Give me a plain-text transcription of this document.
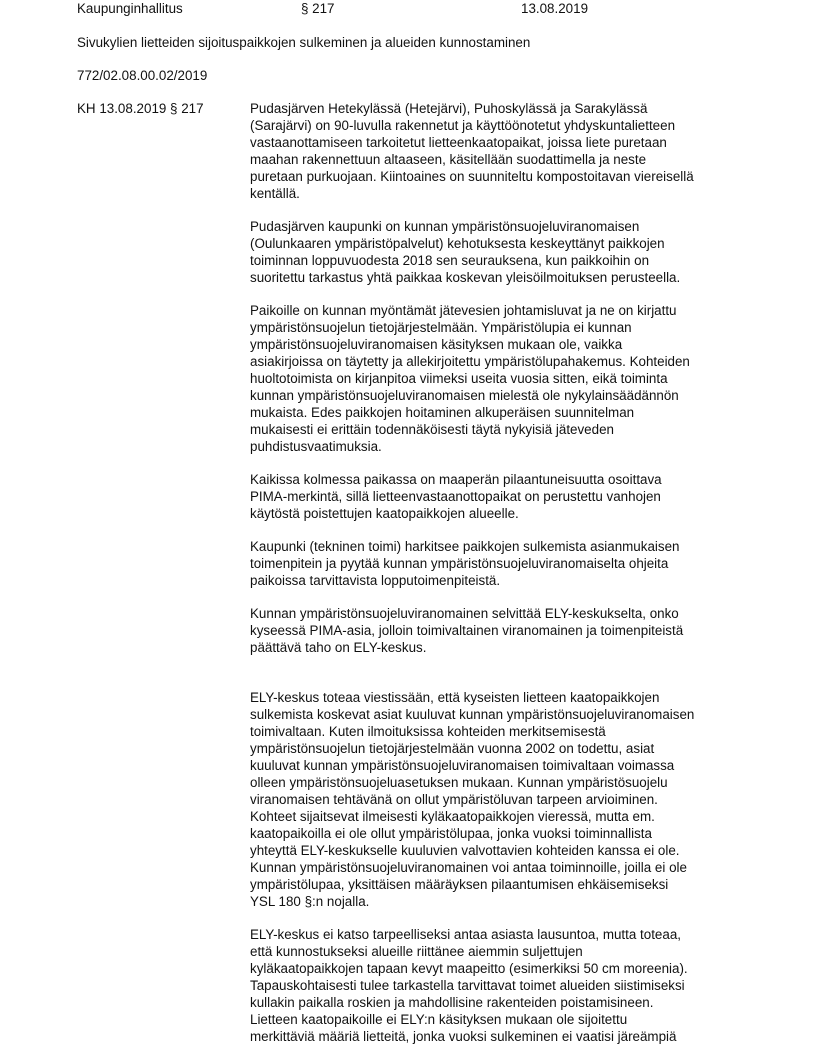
Kaupunginhallitus	§ 217	13.08.2019
Sivukylien lietteiden sijoituspaikkojen sulkeminen ja alueiden kunnostaminen
772/02.08.00.02/2019
KH 13.08.2019 § 217	Pudasjärven Hetekylässä (Hetejärvi), Puhoskylässä ja Sarakylässä
(Sarajärvi) on 90-luvulla rakennetut ja käyttöönotetut yhdyskuntalietteen
vastaanottamiseen tarkoitetut lietteenkaatopaikat, joissa liete puretaan
maahan rakennettuun altaaseen, käsitellään suodattimella ja neste
puretaan purkuojaan. Kiintoaines on suunniteltu kompostoitavan viereisellä
kentällä.

Pudasjärven kaupunki on kunnan ympäristönsuojeluviranomaisen
(Oulunkaaren ympäristöpalvelut) kehotuksesta keskeyttänyt paikkojen
toiminnan loppuvuodesta 2018 sen seurauksena, kun paikkoihin on
suoritettu tarkastus yhtä paikkaa koskevan yleisöilmoituksen perusteella.

Paikoille on kunnan myöntämät jätevesien johtamisluvat ja ne on kirjattu
ympäristönsuojelun tietojärjestelmään. Ympäristölupia ei kunnan
ympäristönsuojeluviranomaisen käsityksen mukaan ole, vaikka
asiakirjoissa on täytetty ja allekirjoitettu ympäristölupahakemus. Kohteiden
huoltotoimista on kirjanpitoa viimeksi useita vuosia sitten, eikä toiminta
kunnan ympäristönsuojeluviranomaisen mielestä ole nykylainsäädännön
mukaista. Edes paikkojen hoitaminen alkuperäisen suunnitelman
mukaisesti ei erittäin todennäköisesti täytä nykyisiä jäteveden
puhdistusvaatimuksia.

Kaikissa kolmessa paikassa on maaperän pilaantuneisuutta osoittava
PIMA-merkintä, sillä lietteenvastaanottopaikat on perustettu vanhojen
käytöstä poistettujen kaatopaikkojen alueelle.

Kaupunki (tekninen toimi) harkitsee paikkojen sulkemista asianmukaisen
toimenpitein ja pyytää kunnan ympäristönsuojeluviranomaiselta ohjeita
paikoissa tarvittavista lopputoimenpiteistä.

Kunnan ympäristönsuojeluviranomainen selvittää ELY-keskukselta, onko
kyseessä PIMA-asia, jolloin toimivaltainen viranomainen ja toimenpiteistä
päättävä taho on ELY-keskus.

ELY-keskus toteaa viestissään, että kyseisten lietteen kaatopaikkojen
sulkemista koskevat asiat kuuluvat kunnan ympäristönsuojeluviranomaisen
toimivaltaan. Kuten ilmoituksissa kohteiden merkitsemisestä
ympäristönsuojelun tietojärjestelmään vuonna 2002 on todettu, asiat
kuuluvat kunnan ympäristönsuojeluviranomaisen toimivaltaan voimassa
olleen ympäristönsuojeluasetuksen mukaan. Kunnan ympäristösuojelu
viranomaisen tehtävänä on ollut ympäristöluvan tarpeen arvioiminen.
Kohteet sijaitsevat ilmeisesti kyläkaatopaikkojen vieressä, mutta em.
kaatopaikoilla ei ole ollut ympäristölupaa, jonka vuoksi toiminnallista
yhteyttä ELY-keskukselle kuuluvien valvottavien kohteiden kanssa ei ole.
Kunnan ympäristönsuojeluviranomainen voi antaa toiminnoille, joilla ei ole
ympäristölupaa, yksittäisen määräyksen pilaantumisen ehkäisemiseksi
YSL 180 §:n nojalla.

ELY-keskus ei katso tarpeelliseksi antaa asiasta lausuntoa, mutta toteaa,
että kunnostukseksi alueille riittänee aiemmin suljettujen
kyläkaatopaikkojen tapaan kevyt maapeitto (esimerkiksi 50 cm moreenia).
Tapauskohtaisesti tulee tarkastella tarvittavat toimet alueiden siistimiseksi
kullakin paikalla roskien ja mahdollisine rakenteiden poistamisineen.
Lietteen kaatopaikoille ei ELY:n käsityksen mukaan ole sijoitettu
merkittäviä määriä lietteitä, jonka vuoksi sulkeminen ei vaatisi järeämpiä
